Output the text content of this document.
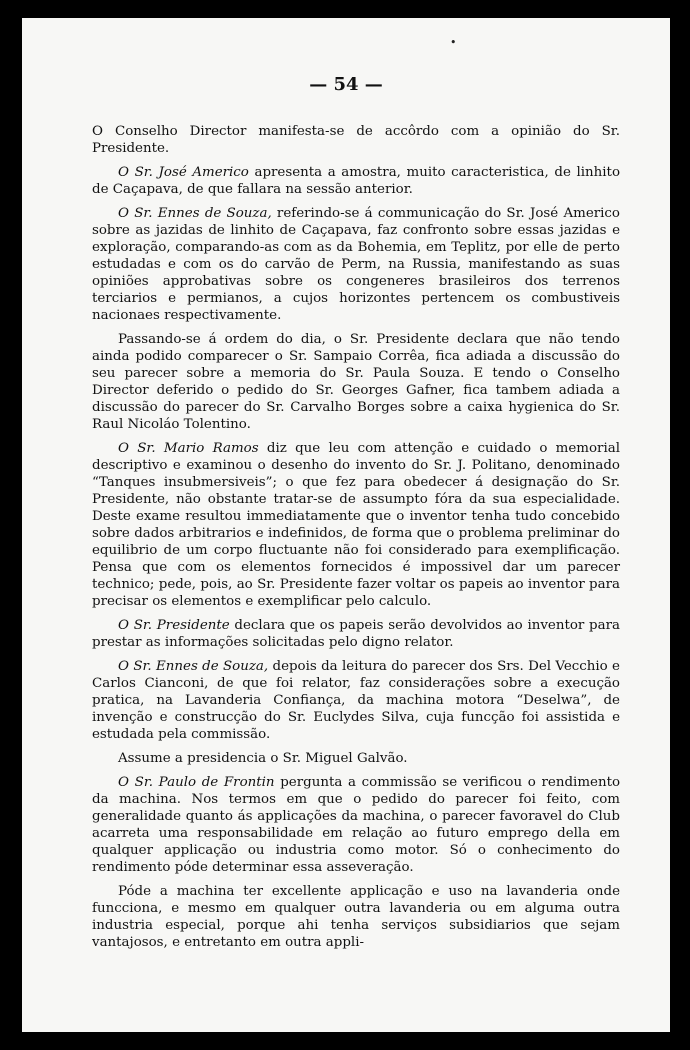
•
— 54 —

O Conselho Director manifesta-se de accôrdo com a opinião do Sr. Presidente.

O Sr. José Americo apresenta a amostra, muito caracteristica, de linhito de Caçapava, de que fallara na sessão anterior.

O Sr. Ennes de Souza, referindo-se á communicação do Sr. José Americo sobre as jazidas de linhito de Caçapava, faz confronto sobre essas jazidas e exploração, comparando-as com as da Bohemia, em Teplitz, por elle de perto estudadas e com os do carvão de Perm, na Russia, manifestando as suas opiniões approbativas sobre os congeneres brasileiros dos terrenos terciarios e permianos, a cujos horizontes pertencem os combustiveis nacionaes respectivamente.

Passando-se á ordem do dia, o Sr. Presidente declara que não tendo ainda podido comparecer o Sr. Sampaio Corrêa, fica adiada a discussão do seu parecer sobre a memoria do Sr. Paula Souza. E tendo o Conselho Director deferido o pedido do Sr. Georges Gafner, fica tambem adiada a discussão do parecer do Sr. Carvalho Borges sobre a caixa hygienica do Sr. Raul Nicoláo Tolentino.

O Sr. Mario Ramos diz que leu com attenção e cuidado o memorial descriptivo e examinou o desenho do invento do Sr. J. Politano, denominado “Tanques insubmersiveis”; o que fez para obedecer á designação do Sr. Presidente, não obstante tratar-se de assumpto fóra da sua especialidade. Deste exame resultou immediatamente que o inventor tenha tudo concebido sobre dados arbitrarios e indefinidos, de forma que o problema preliminar do equilibrio de um corpo fluctuante não foi considerado para exemplificação. Pensa que com os elementos fornecidos é impossivel dar um parecer technico; pede, pois, ao Sr. Presidente fazer voltar os papeis ao inventor para precisar os elementos e exemplificar pelo calculo.

O Sr. Presidente declara que os papeis serão devolvidos ao inventor para prestar as informações solicitadas pelo digno relator.

O Sr. Ennes de Souza, depois da leitura do parecer dos Srs. Del Vecchio e Carlos Cianconi, de que foi relator, faz considerações sobre a execução pratica, na Lavanderia Confiança, da machina motora “Deselwa”, de invenção e construcção do Sr. Euclydes Silva, cuja funcção foi assistida e estudada pela commissão.

Assume a presidencia o Sr. Miguel Galvão.

O Sr. Paulo de Frontin pergunta a commissão se verificou o rendimento da machina. Nos termos em que o pedido do parecer foi feito, com generalidade quanto ás applicações da machina, o parecer favoravel do Club acarreta uma responsabilidade em relação ao futuro emprego della em qualquer applicação ou industria como motor. Só o conhecimento do rendimento póde determinar essa asseveração.

Póde a machina ter excellente applicação e uso na lavanderia onde funcciona, e mesmo em qualquer outra lavanderia ou em alguma outra industria especial, porque ahi tenha serviços subsidiarios que sejam vantajosos, e entretanto em outra appli-
